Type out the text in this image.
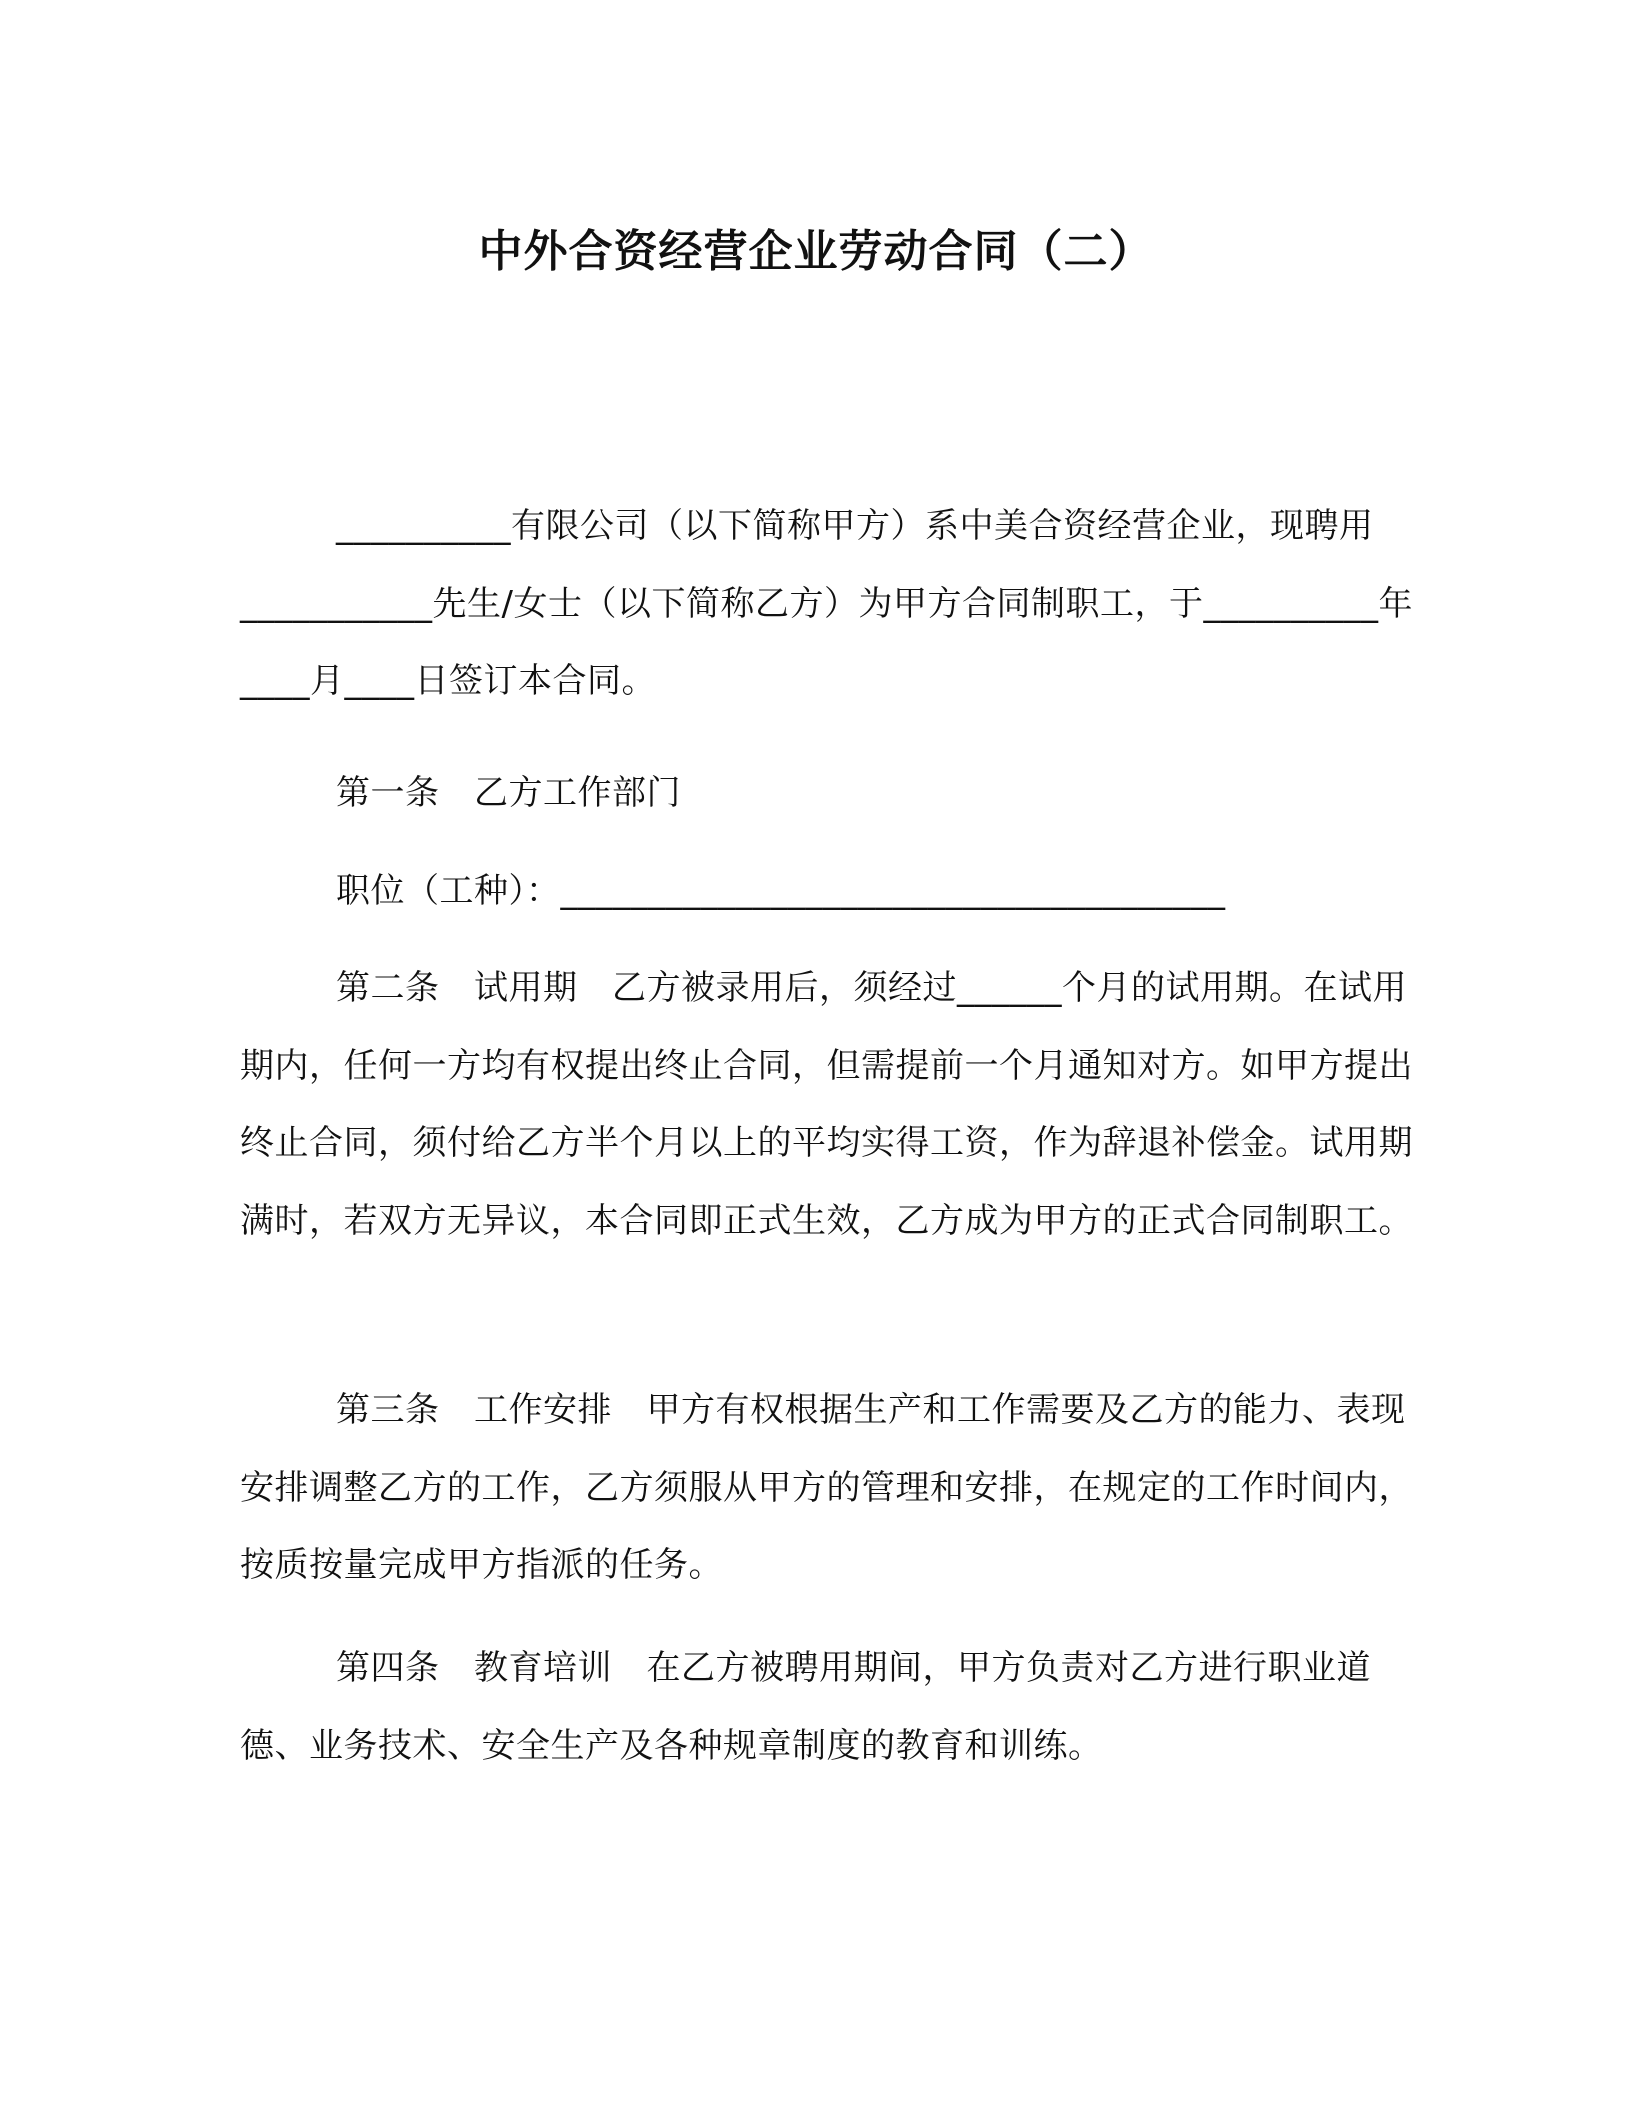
中外合资经营企业劳动合同（二）
__________有限公司（以下简称甲方）系中美合资经营企业，现聘用___________先生/女士（以下简称乙方）为甲方合同制职工，于__________年____月____日签订本合同。
第一条　乙方工作部门
职位（工种）：______________________________________
第二条　试用期　乙方被录用后，须经过______个月的试用期。在试用期内，任何一方均有权提出终止合同，但需提前一个月通知对方。如甲方提出终止合同，须付给乙方半个月以上的平均实得工资，作为辞退补偿金。试用期满时，若双方无异议，本合同即正式生效，乙方成为甲方的正式合同制职工。
第三条　工作安排　甲方有权根据生产和工作需要及乙方的能力、表现安排调整乙方的工作，乙方须服从甲方的管理和安排，在规定的工作时间内，按质按量完成甲方指派的任务。
第四条　教育培训　在乙方被聘用期间，甲方负责对乙方进行职业道德、业务技术、安全生产及各种规章制度的教育和训练。
